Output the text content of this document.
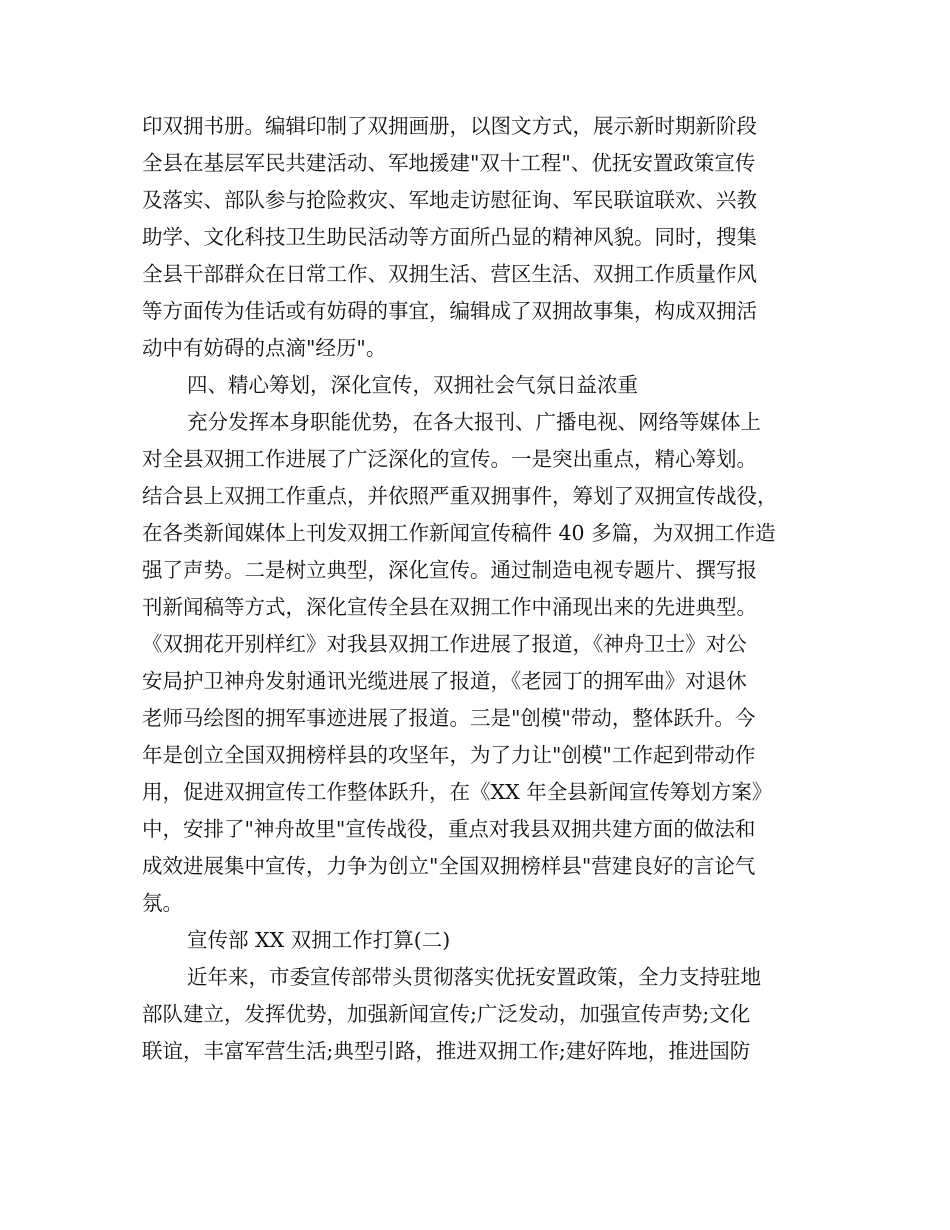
印双拥书册。编辑印制了双拥画册，以图文方式，展示新时期新阶段
全县在基层军民共建活动、军地援建"双十工程"、优抚安置政策宣传
及落实、部队参与抢险救灾、军地走访慰征询、军民联谊联欢、兴教
助学、文化科技卫生助民活动等方面所凸显的精神风貌。同时，搜集
全县干部群众在日常工作、双拥生活、营区生活、双拥工作质量作风
等方面传为佳话或有妨碍的事宜，编辑成了双拥故事集，构成双拥活
动中有妨碍的点滴"经历"。
四、精心筹划，深化宣传，双拥社会气氛日益浓重
充分发挥本身职能优势，在各大报刊、广播电视、网络等媒体上
对全县双拥工作进展了广泛深化的宣传。一是突出重点，精心筹划。
结合县上双拥工作重点，并依照严重双拥事件，筹划了双拥宣传战役，
在各类新闻媒体上刊发双拥工作新闻宣传稿件 40 多篇，为双拥工作造
强了声势。二是树立典型，深化宣传。通过制造电视专题片、撰写报
刊新闻稿等方式，深化宣传全县在双拥工作中涌现出来的先进典型。
《双拥花开别样红》对我县双拥工作进展了报道，《神舟卫士》对公
安局护卫神舟发射通讯光缆进展了报道，《老园丁的拥军曲》对退休
老师马绘图的拥军事迹进展了报道。三是"创模"带动，整体跃升。今
年是创立全国双拥榜样县的攻坚年，为了力让"创模"工作起到带动作
用，促进双拥宣传工作整体跃升，在《XX 年全县新闻宣传筹划方案》
中，安排了"神舟故里"宣传战役，重点对我县双拥共建方面的做法和
成效进展集中宣传，力争为创立"全国双拥榜样县"营建良好的言论气
氛。
宣传部 XX 双拥工作打算(二)
近年来，市委宣传部带头贯彻落实优抚安置政策，全力支持驻地
部队建立，发挥优势，加强新闻宣传;广泛发动，加强宣传声势;文化
联谊，丰富军营生活;典型引路，推进双拥工作;建好阵地，推进国防
